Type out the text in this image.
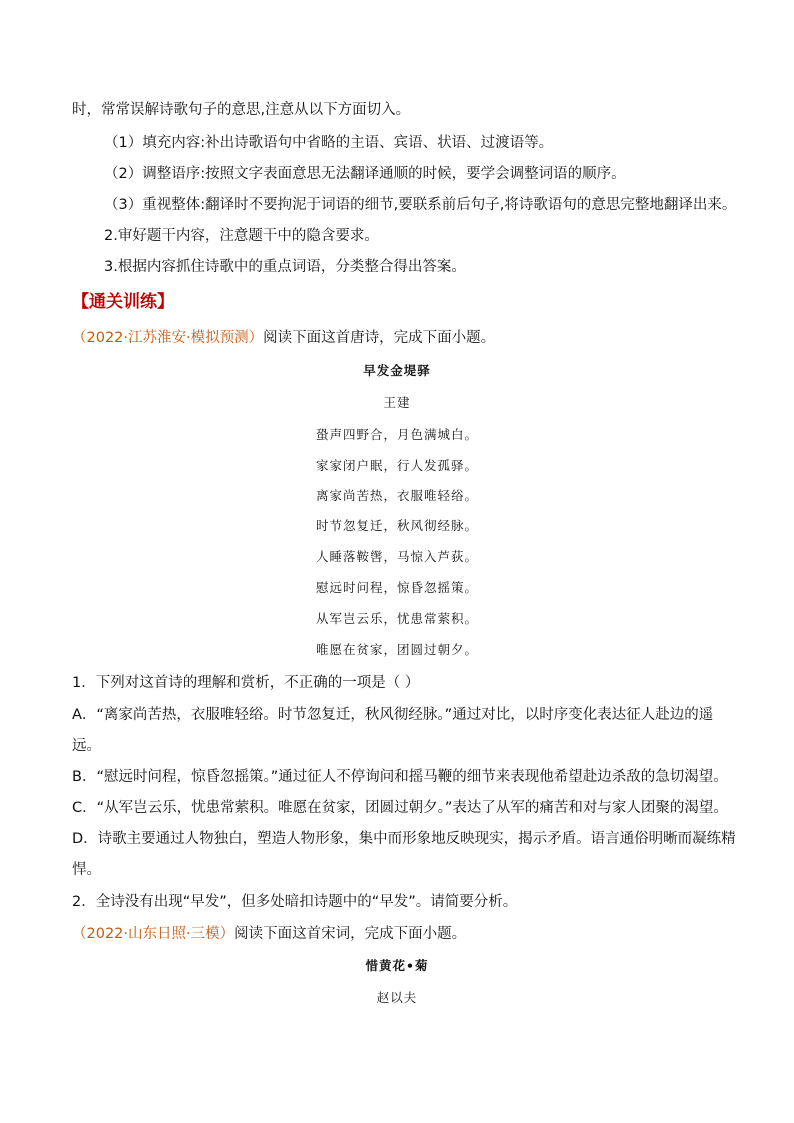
时，常常误解诗歌句子的意思,注意从以下方面切入。
（1）填充内容:补出诗歌语句中省略的主语、宾语、状语、过渡语等。
（2）调整语序:按照文字表面意思无法翻译通顺的时候，要学会调整词语的顺序。
（3）重视整体:翻译时不要拘泥于词语的细节,要联系前后句子,将诗歌语句的意思完整地翻译出来。
2.审好题干内容，注意题干中的隐含要求。
3.根据内容抓住诗歌中的重点词语，分类整合得出答案。
【通关训练】
（2022·江苏淮安·模拟预测）阅读下面这首唐诗，完成下面小题。
早发金堤驿
王建
蛩声四野合，月色满城白。
家家闭户眠，行人发孤驿。
离家尚苦热，衣服唯轻绤。
时节忽复迁，秋风彻经脉。
人睡落鞍辔，马惊入芦荻。
慰远时问程，惊昏忽摇策。
从军岂云乐，忧患常萦积。
唯愿在贫家，团圆过朝夕。
1．下列对这首诗的理解和赏析，不正确的一项是（ ）
A．“离家尚苦热，衣服唯轻绤。时节忽复迁，秋风彻经脉。”通过对比，以时序变化表达征人赴边的遥
远。
B．“慰远时问程，惊昏忽摇策。”通过征人不停询问和摇马鞭的细节来表现他希望赴边杀敌的急切渴望。
C．“从军岂云乐，忧患常萦积。唯愿在贫家，团圆过朝夕。”表达了从军的痛苦和对与家人团聚的渴望。
D．诗歌主要通过人物独白，塑造人物形象，集中而形象地反映现实，揭示矛盾。语言通俗明晰而凝练精
悍。
2．全诗没有出现“早发”，但多处暗扣诗题中的“早发”。请简要分析。
（2022·山东日照·三模）阅读下面这首宋词，完成下面小题。
惜黄花•菊
赵以夫
